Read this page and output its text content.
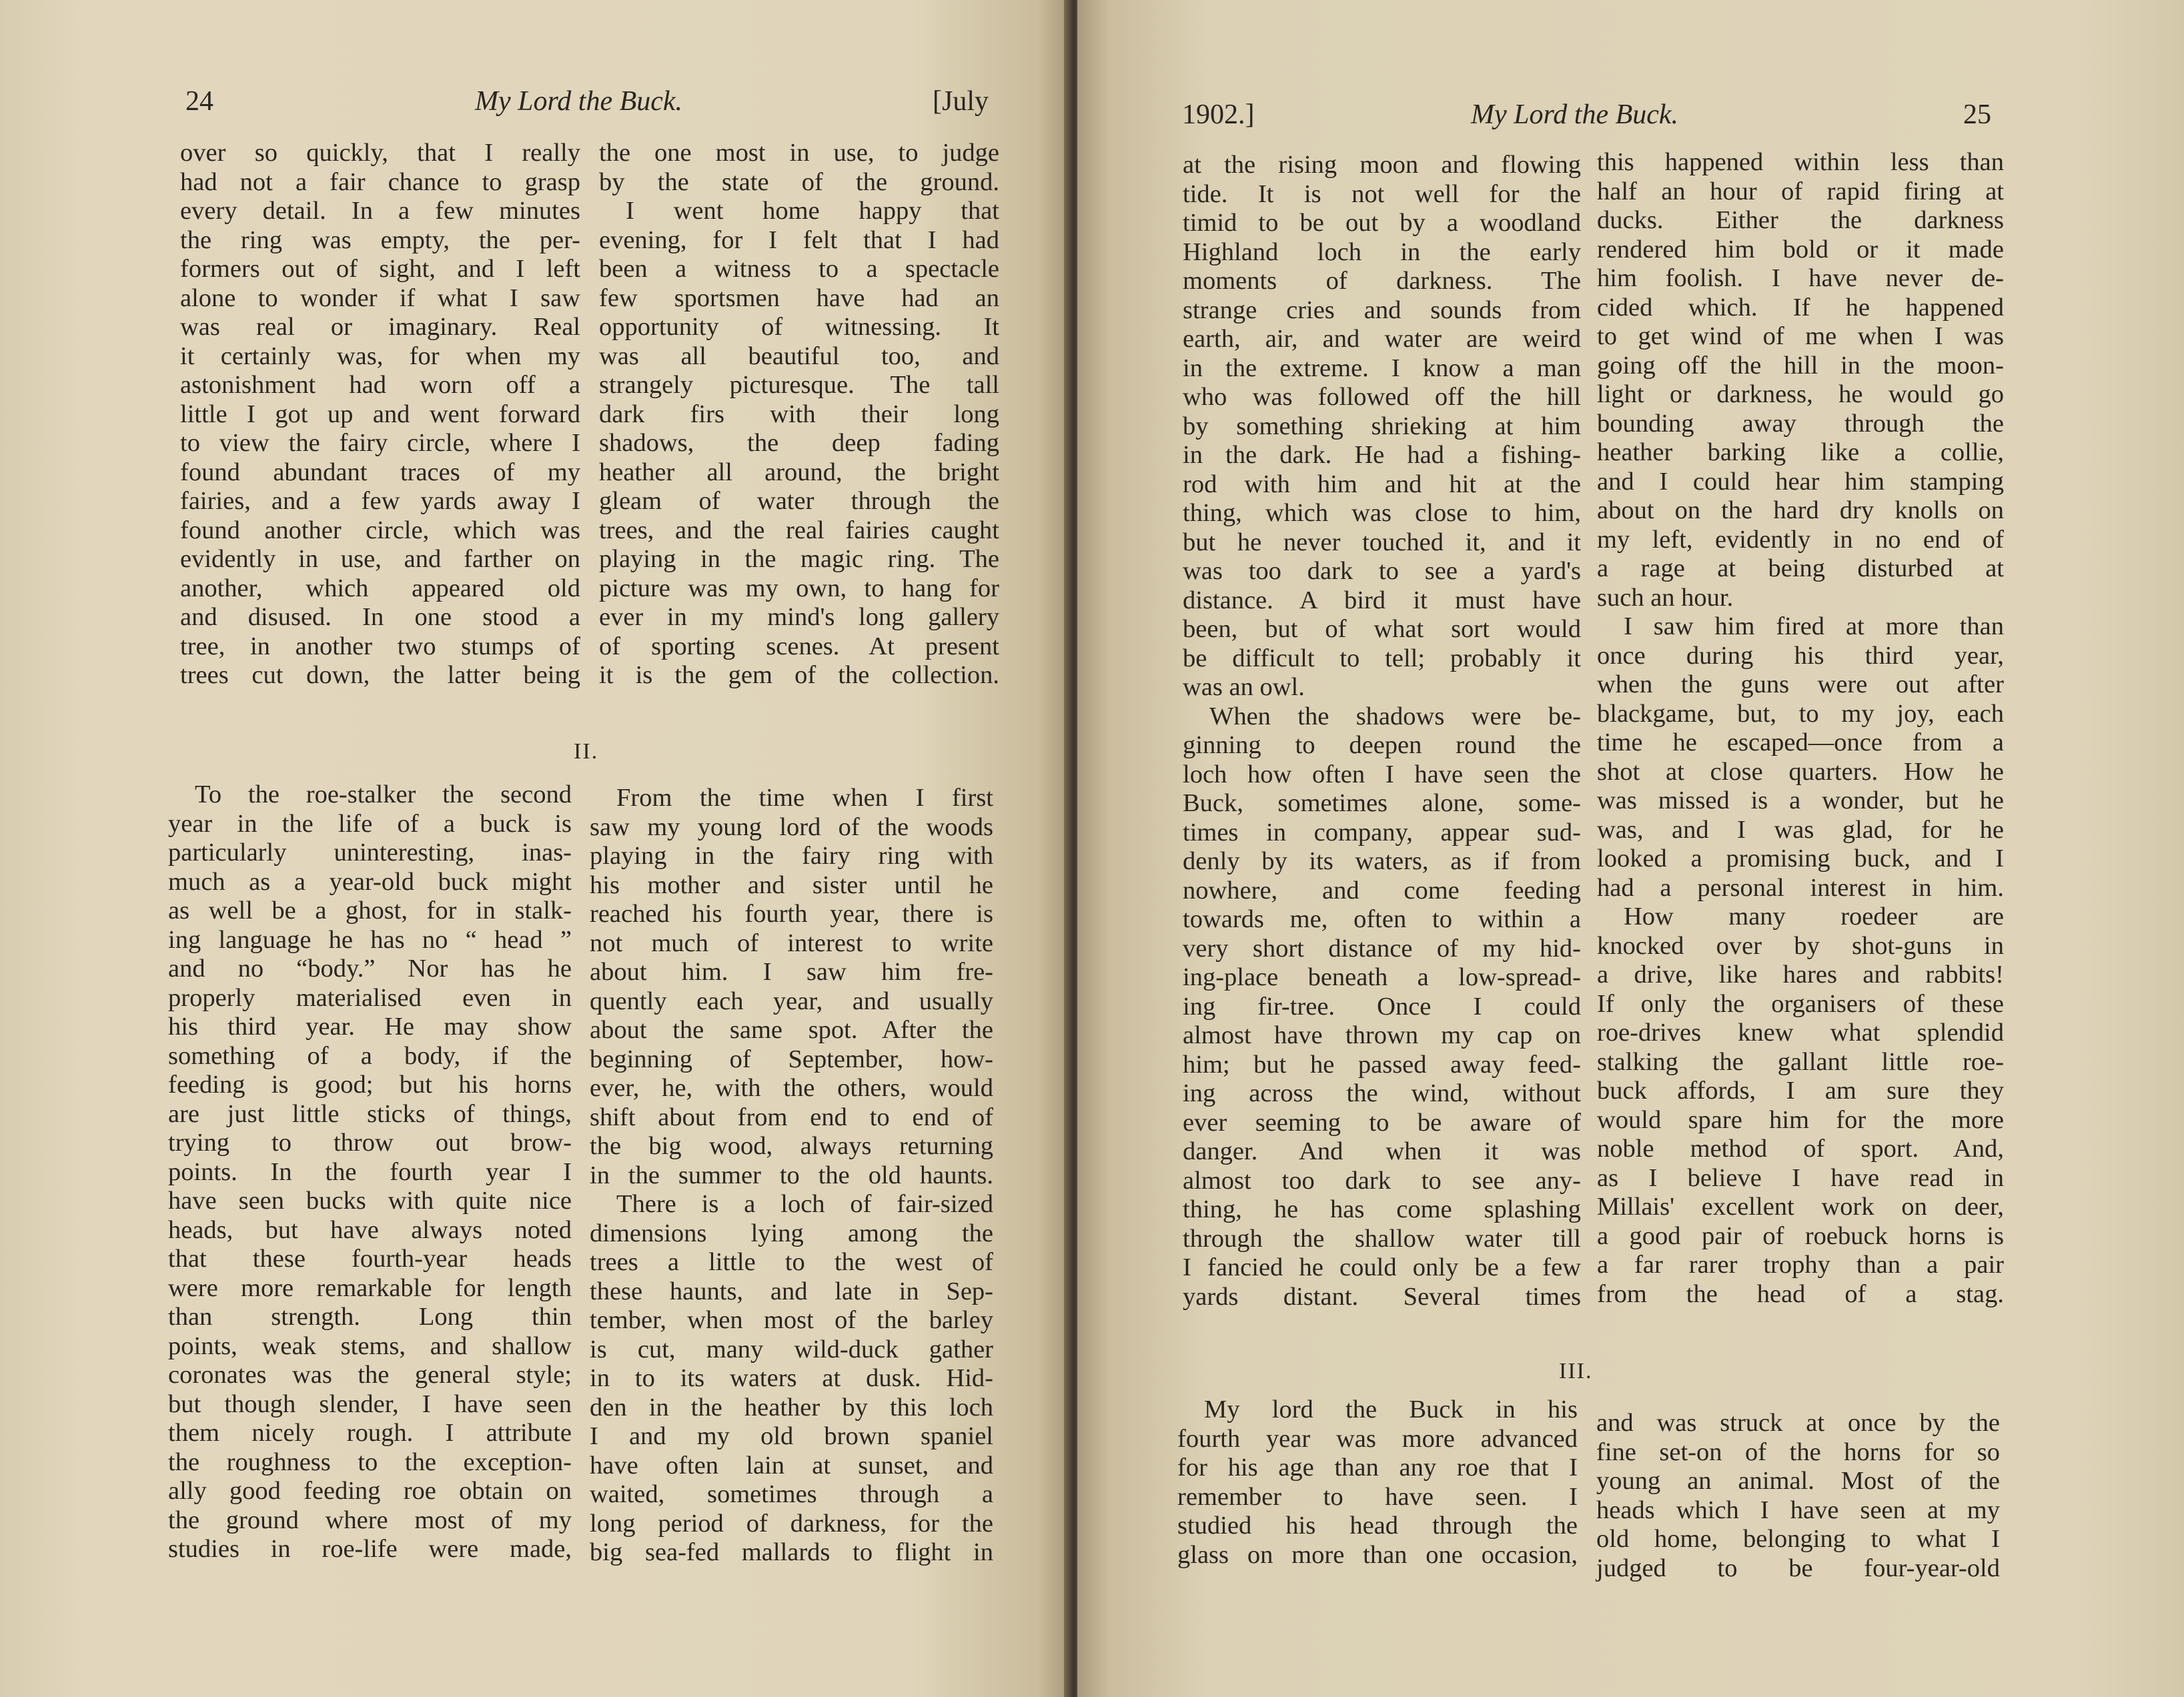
24	My Lord the Buck.	[July
over so quickly, that I really
had not a fair chance to grasp
every detail. In a few minutes
the ring was empty, the per-
formers out of sight, and I left
alone to wonder if what I saw
was real or imaginary. Real
it certainly was, for when my
astonishment had worn off a
little I got up and went forward
to view the fairy circle, where I
found abundant traces of my
fairies, and a few yards away I
found another circle, which was
evidently in use, and farther on
another, which appeared old
and disused. In one stood a
tree, in another two stumps of
trees cut down, the latter being
the one most in use, to judge
by the state of the ground.
I went home happy that
evening, for I felt that I had
been a witness to a spectacle
few sportsmen have had an
opportunity of witnessing. It
was all beautiful too, and
strangely picturesque. The tall
dark firs with their long
shadows, the deep fading
heather all around, the bright
gleam of water through the
trees, and the real fairies caught
playing in the magic ring. The
picture was my own, to hang for
ever in my mind's long gallery
of sporting scenes. At present
it is the gem of the collection.
II.
To the roe-stalker the second
year in the life of a buck is
particularly uninteresting, inas-
much as a year-old buck might
as well be a ghost, for in stalk-
ing language he has no “ head ”
and no “body.” Nor has he
properly materialised even in
his third year. He may show
something of a body, if the
feeding is good; but his horns
are just little sticks of things,
trying to throw out brow-
points. In the fourth year I
have seen bucks with quite nice
heads, but have always noted
that these fourth-year heads
were more remarkable for length
than strength. Long thin
points, weak stems, and shallow
coronates was the general style;
but though slender, I have seen
them nicely rough. I attribute
the roughness to the exception-
ally good feeding roe obtain on
the ground where most of my
studies in roe-life were made,
From the time when I first
saw my young lord of the woods
playing in the fairy ring with
his mother and sister until he
reached his fourth year, there is
not much of interest to write
about him. I saw him fre-
quently each year, and usually
about the same spot. After the
beginning of September, how-
ever, he, with the others, would
shift about from end to end of
the big wood, always returning
in the summer to the old haunts.
There is a loch of fair-sized
dimensions lying among the
trees a little to the west of
these haunts, and late in Sep-
tember, when most of the barley
is cut, many wild-duck gather
in to its waters at dusk. Hid-
den in the heather by this loch
I and my old brown spaniel
have often lain at sunset, and
waited, sometimes through a
long period of darkness, for the
big sea-fed mallards to flight in
1902.]	My Lord the Buck.	25
at the rising moon and flowing
tide. It is not well for the
timid to be out by a woodland
Highland loch in the early
moments of darkness. The
strange cries and sounds from
earth, air, and water are weird
in the extreme. I know a man
who was followed off the hill
by something shrieking at him
in the dark. He had a fishing-
rod with him and hit at the
thing, which was close to him,
but he never touched it, and it
was too dark to see a yard's
distance. A bird it must have
been, but of what sort would
be difficult to tell; probably it
was an owl.
When the shadows were be-
ginning to deepen round the
loch how often I have seen the
Buck, sometimes alone, some-
times in company, appear sud-
denly by its waters, as if from
nowhere, and come feeding
towards me, often to within a
very short distance of my hid-
ing-place beneath a low-spread-
ing fir-tree. Once I could
almost have thrown my cap on
him; but he passed away feed-
ing across the wind, without
ever seeming to be aware of
danger. And when it was
almost too dark to see any-
thing, he has come splashing
through the shallow water till
I fancied he could only be a few
yards distant. Several times
this happened within less than
half an hour of rapid firing at
ducks. Either the darkness
rendered him bold or it made
him foolish. I have never de-
cided which. If he happened
to get wind of me when I was
going off the hill in the moon-
light or darkness, he would go
bounding away through the
heather barking like a collie,
and I could hear him stamping
about on the hard dry knolls on
my left, evidently in no end of
a rage at being disturbed at
such an hour.
I saw him fired at more than
once during his third year,
when the guns were out after
blackgame, but, to my joy, each
time he escaped—once from a
shot at close quarters. How he
was missed is a wonder, but he
was, and I was glad, for he
looked a promising buck, and I
had a personal interest in him.
How many roedeer are
knocked over by shot-guns in
a drive, like hares and rabbits!
If only the organisers of these
roe-drives knew what splendid
stalking the gallant little roe-
buck affords, I am sure they
would spare him for the more
noble method of sport. And,
as I believe I have read in
Millais' excellent work on deer,
a good pair of roebuck horns is
a far rarer trophy than a pair
from the head of a stag.
III.
My lord the Buck in his
fourth year was more advanced
for his age than any roe that I
remember to have seen. I
studied his head through the
glass on more than one occasion,
and was struck at once by the
fine set-on of the horns for so
young an animal. Most of the
heads which I have seen at my
old home, belonging to what I
judged to be four-year-old
